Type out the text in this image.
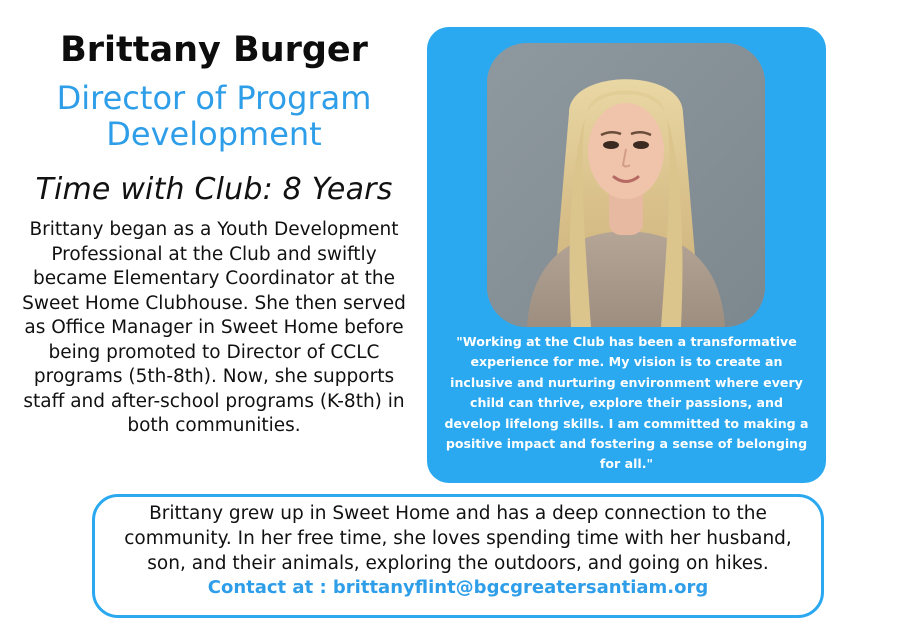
Brittany Burger
Director of Program Development

Time with Club: 8 Years

Brittany began as a Youth Development Professional at the Club and swiftly became Elementary Coordinator at the Sweet Home Clubhouse. She then served as Office Manager in Sweet Home before being promoted to Director of CCLC programs (5th-8th). Now, she supports staff and after-school programs (K-8th) in both communities.

"Working at the Club has been a transformative experience for me. My vision is to create an inclusive and nurturing environment where every child can thrive, explore their passions, and develop lifelong skills. I am committed to making a positive impact and fostering a sense of belonging for all."

Brittany grew up in Sweet Home and has a deep connection to the community. In her free time, she loves spending time with her husband, son, and their animals, exploring the outdoors, and going on hikes.

Contact at : brittanyflint@bgcgreatersantiam.org
